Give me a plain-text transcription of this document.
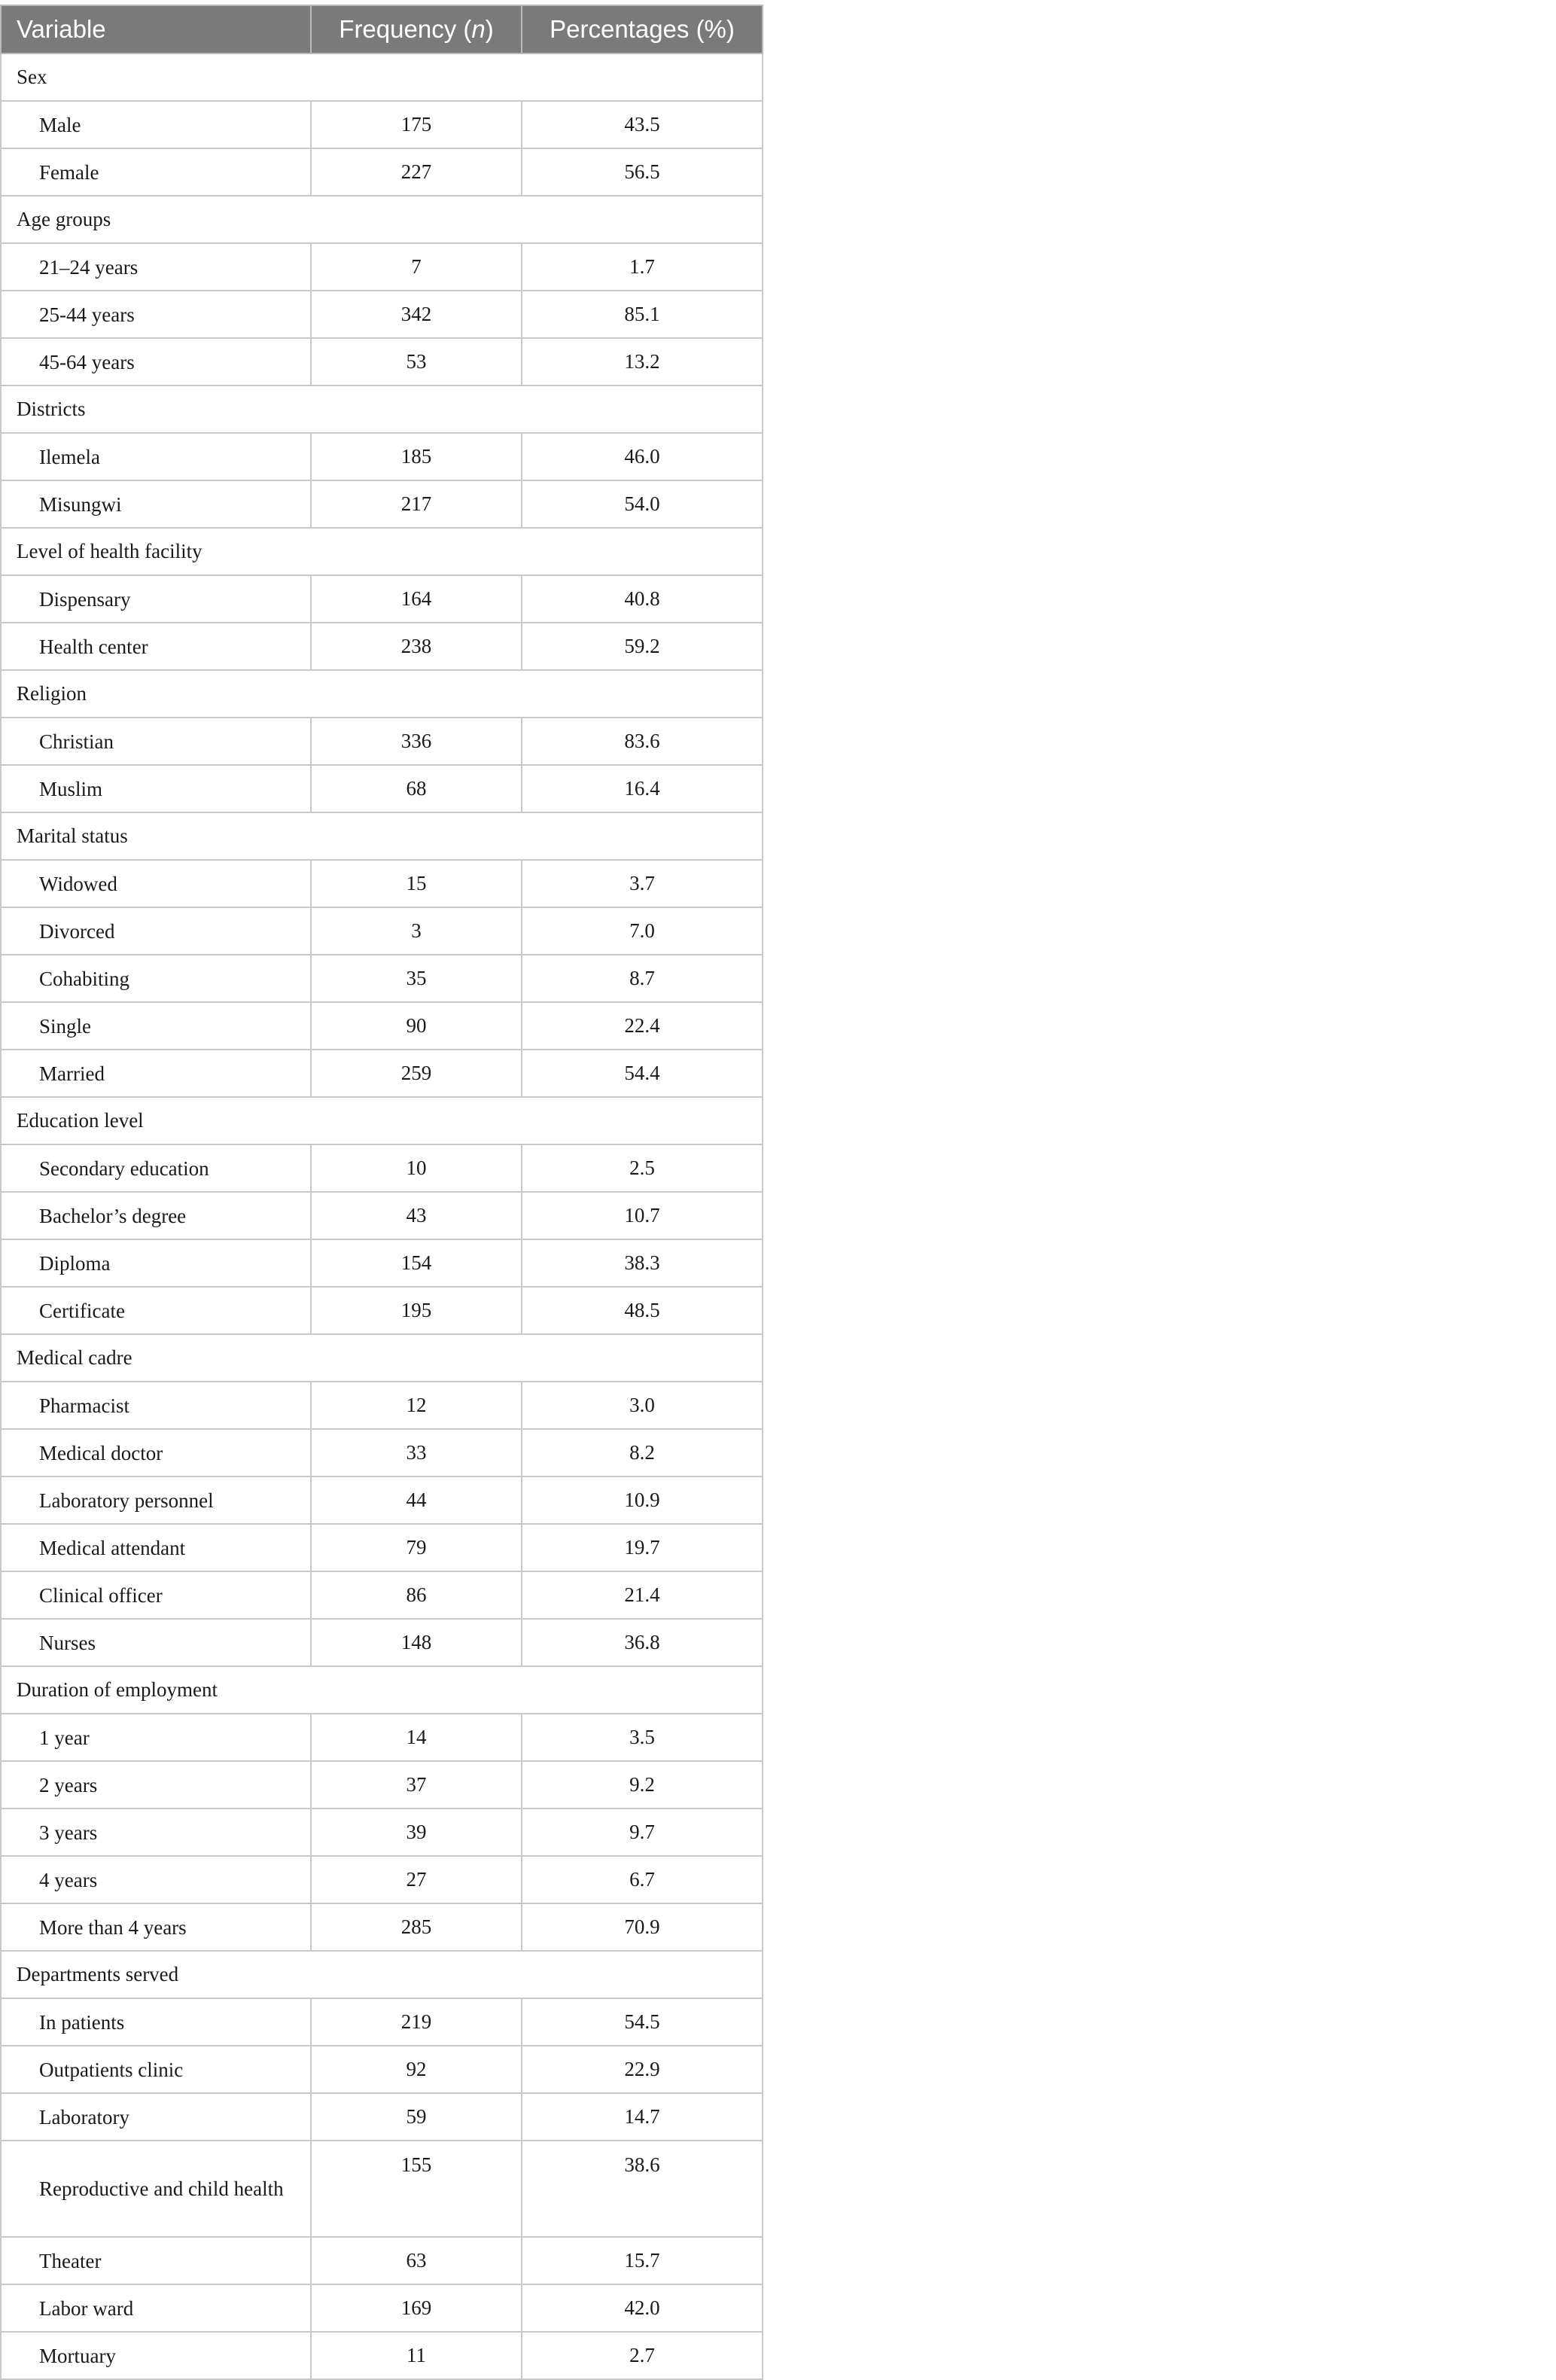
Variable	Frequency (n)	Percentages (%)
Sex		
Male	175	43.5
Female	227	56.5
Age groups		
21–24 years	7	1.7
25-44 years	342	85.1
45-64 years	53	13.2
Districts		
Ilemela	185	46.0
Misungwi	217	54.0
Level of health facility		
Dispensary	164	40.8
Health center	238	59.2
Religion		
Christian	336	83.6
Muslim	68	16.4
Marital status		
Widowed	15	3.7
Divorced	3	7.0
Cohabiting	35	8.7
Single	90	22.4
Married	259	54.4
Education level		
Secondary education	10	2.5
Bachelor’s degree	43	10.7
Diploma	154	38.3
Certificate	195	48.5
Medical cadre		
Pharmacist	12	3.0
Medical doctor	33	8.2
Laboratory personnel	44	10.9
Medical attendant	79	19.7
Clinical officer	86	21.4
Nurses	148	36.8
Duration of employment		
1 year	14	3.5
2 years	37	9.2
3 years	39	9.7
4 years	27	6.7
More than 4 years	285	70.9
Departments served		
In patients	219	54.5
Outpatients clinic	92	22.9
Laboratory	59	14.7
Reproductive and child health	155	38.6
Theater	63	15.7
Labor ward	169	42.0
Mortuary	11	2.7
